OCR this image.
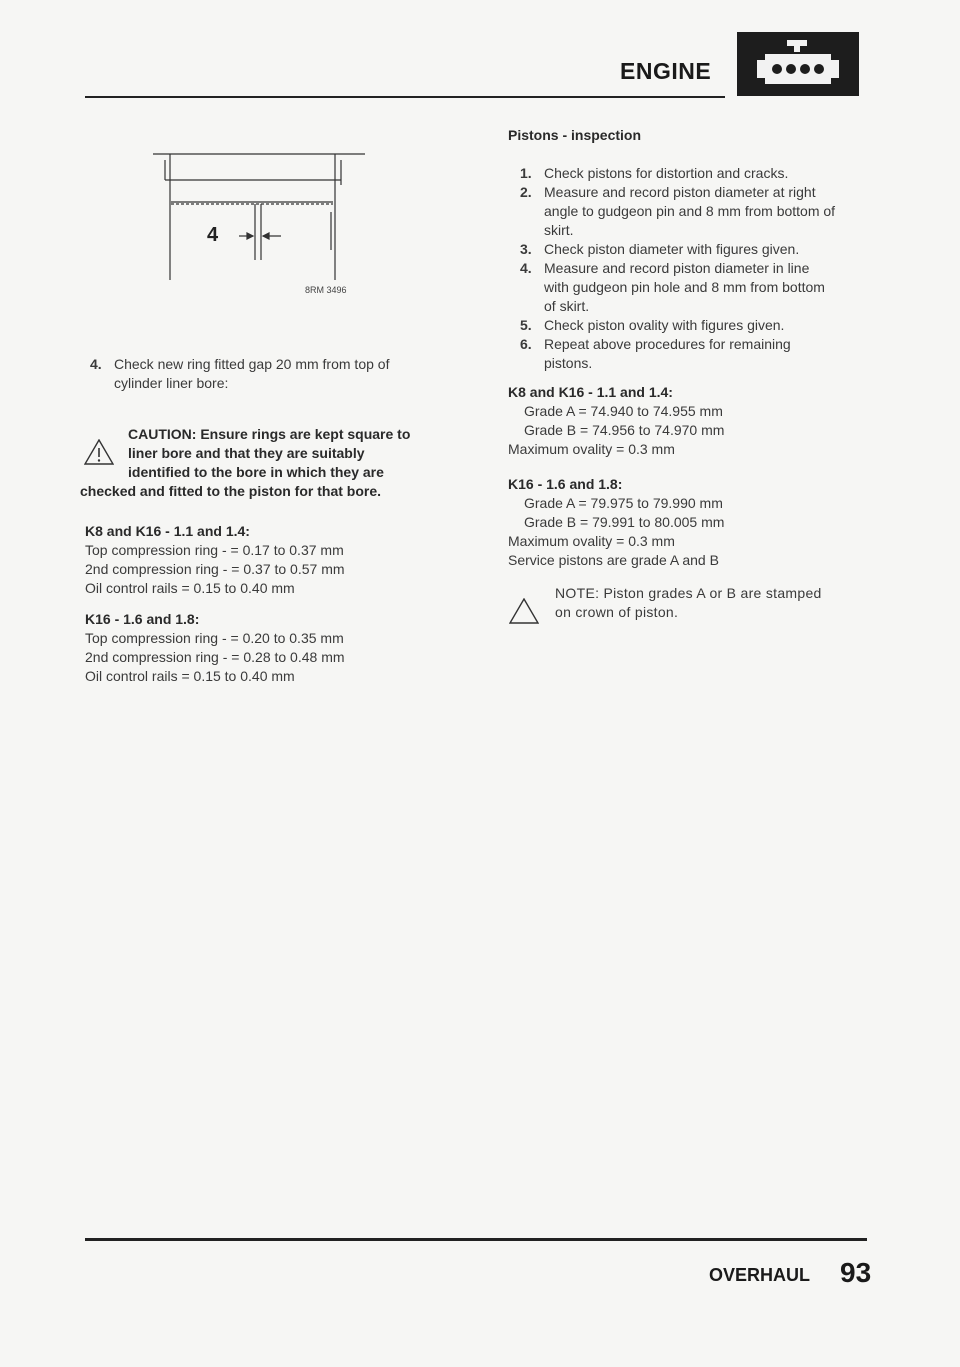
ENGINE
4
8RM 3496
4. Check new ring fitted gap 20 mm from top of
cylinder liner bore:
CAUTION: Ensure rings are kept square to
liner bore and that they are suitably
identified to the bore in which they are
checked and fitted to the piston for that bore.
K8 and K16 - 1.1 and 1.4:
Top compression ring - = 0.17 to 0.37 mm
2nd compression ring - = 0.37 to 0.57 mm
Oil control rails = 0.15 to 0.40 mm
K16 - 1.6 and 1.8:
Top compression ring - = 0.20 to 0.35 mm
2nd compression ring - = 0.28 to 0.48 mm
Oil control rails = 0.15 to 0.40 mm
Pistons - inspection
1. Check pistons for distortion and cracks.
2. Measure and record piston diameter at right
angle to gudgeon pin and 8 mm from bottom of
skirt.
3. Check piston diameter with figures given.
4. Measure and record piston diameter in line
with gudgeon pin hole and 8 mm from bottom
of skirt.
5. Check piston ovality with figures given.
6. Repeat above procedures for remaining
pistons.
K8 and K16 - 1.1 and 1.4:
Grade A = 74.940 to 74.955 mm
Grade B = 74.956 to 74.970 mm
Maximum ovality = 0.3 mm
K16 - 1.6 and 1.8:
Grade A = 79.975 to 79.990 mm
Grade B = 79.991 to 80.005 mm
Maximum ovality = 0.3 mm
Service pistons are grade A and B
NOTE: Piston grades A or B are stamped
on crown of piston.
OVERHAUL 93
